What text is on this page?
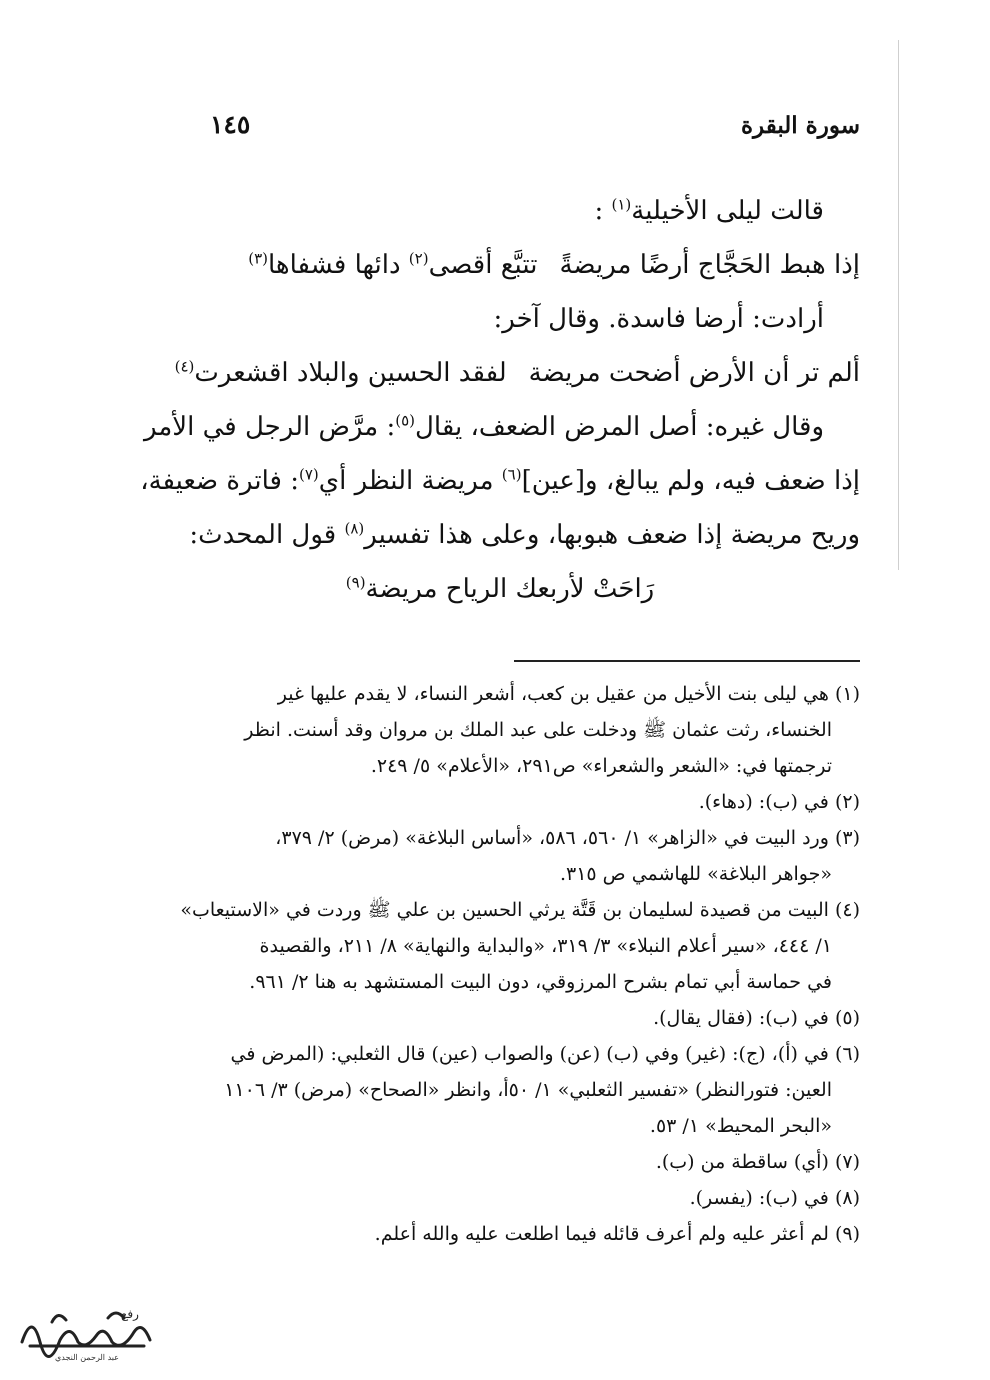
سورة البقرة
١٤٥

قالت ليلى الأخيلية$^{(١)}$ :

إذا هبط الحَجَّاج أرضًا مريضةً
تتبَّع أقصى$^{(٢)}$ دائها فشفاها$^{(٣)}$

أرادت: أرضا فاسدة. وقال آخر:

ألم تر أن الأرض أضحت مريضة
لفقد الحسين والبلاد اقشعرت$^{(٤)}$

وقال غيره: أصل المرض الضعف، يقال$^{(٥)}$: مرَّض الرجل في الأمر

إذا ضعف فيه، ولم يبالغ، و[عين]$^{(٦)}$ مريضة النظر أي$^{(٧)}$: فاترة ضعيفة،

وريح مريضة إذا ضعف هبوبها، وعلى هذا تفسير$^{(٨)}$ قول المحدث:

رَاحَتْ لأربعك الرياح مريضة$^{(٩)}$

(١) هي ليلى بنت الأخيل من عقيل بن كعب، أشعر النساء، لا يقدم عليها غير
الخنساء، رثت عثمان ﷺ ودخلت على عبد الملك بن مروان وقد أسنت. انظر
ترجمتها في: «الشعر والشعراء» ص٢٩١، «الأعلام» ٥/ ٢٤٩.

(٢) في (ب): (دهاء).

(٣) ورد البيت في «الزاهر» ١/ ٥٦٠، ٥٨٦، «أساس البلاغة» (مرض) ٢/ ٣٧٩،
«جواهر البلاغة» للهاشمي ص ٣١٥.

(٤) البيت من قصيدة لسليمان بن قَتَّة يرثي الحسين بن علي ﷺ وردت في «الاستيعاب»
١/ ٤٤٤، «سير أعلام النبلاء» ٣/ ٣١٩، «والبداية والنهاية» ٨/ ٢١١، والقصيدة
في حماسة أبي تمام بشرح المرزوقي، دون البيت المستشهد به هنا ٢/ ٩٦١.

(٥) في (ب): (فقال يقال).

(٦) في (أ)، (ج): (غير) وفي (ب) (عن) والصواب (عين) قال الثعلبي: (المرض في
العين: فتورالنظر) «تفسير الثعلبي» ١/ ٥٠أ، وانظر «الصحاح» (مرض) ٣/ ١١٠٦
«البحر المحيط» ١/ ٥٣.

(٧) (أي) ساقطة من (ب).

(٨) في (ب): (يفسر).

(٩) لم أعثر عليه ولم أعرف قائله فيما اطلعت عليه والله أعلم.

رفع
عبد الرحمن النجدي
